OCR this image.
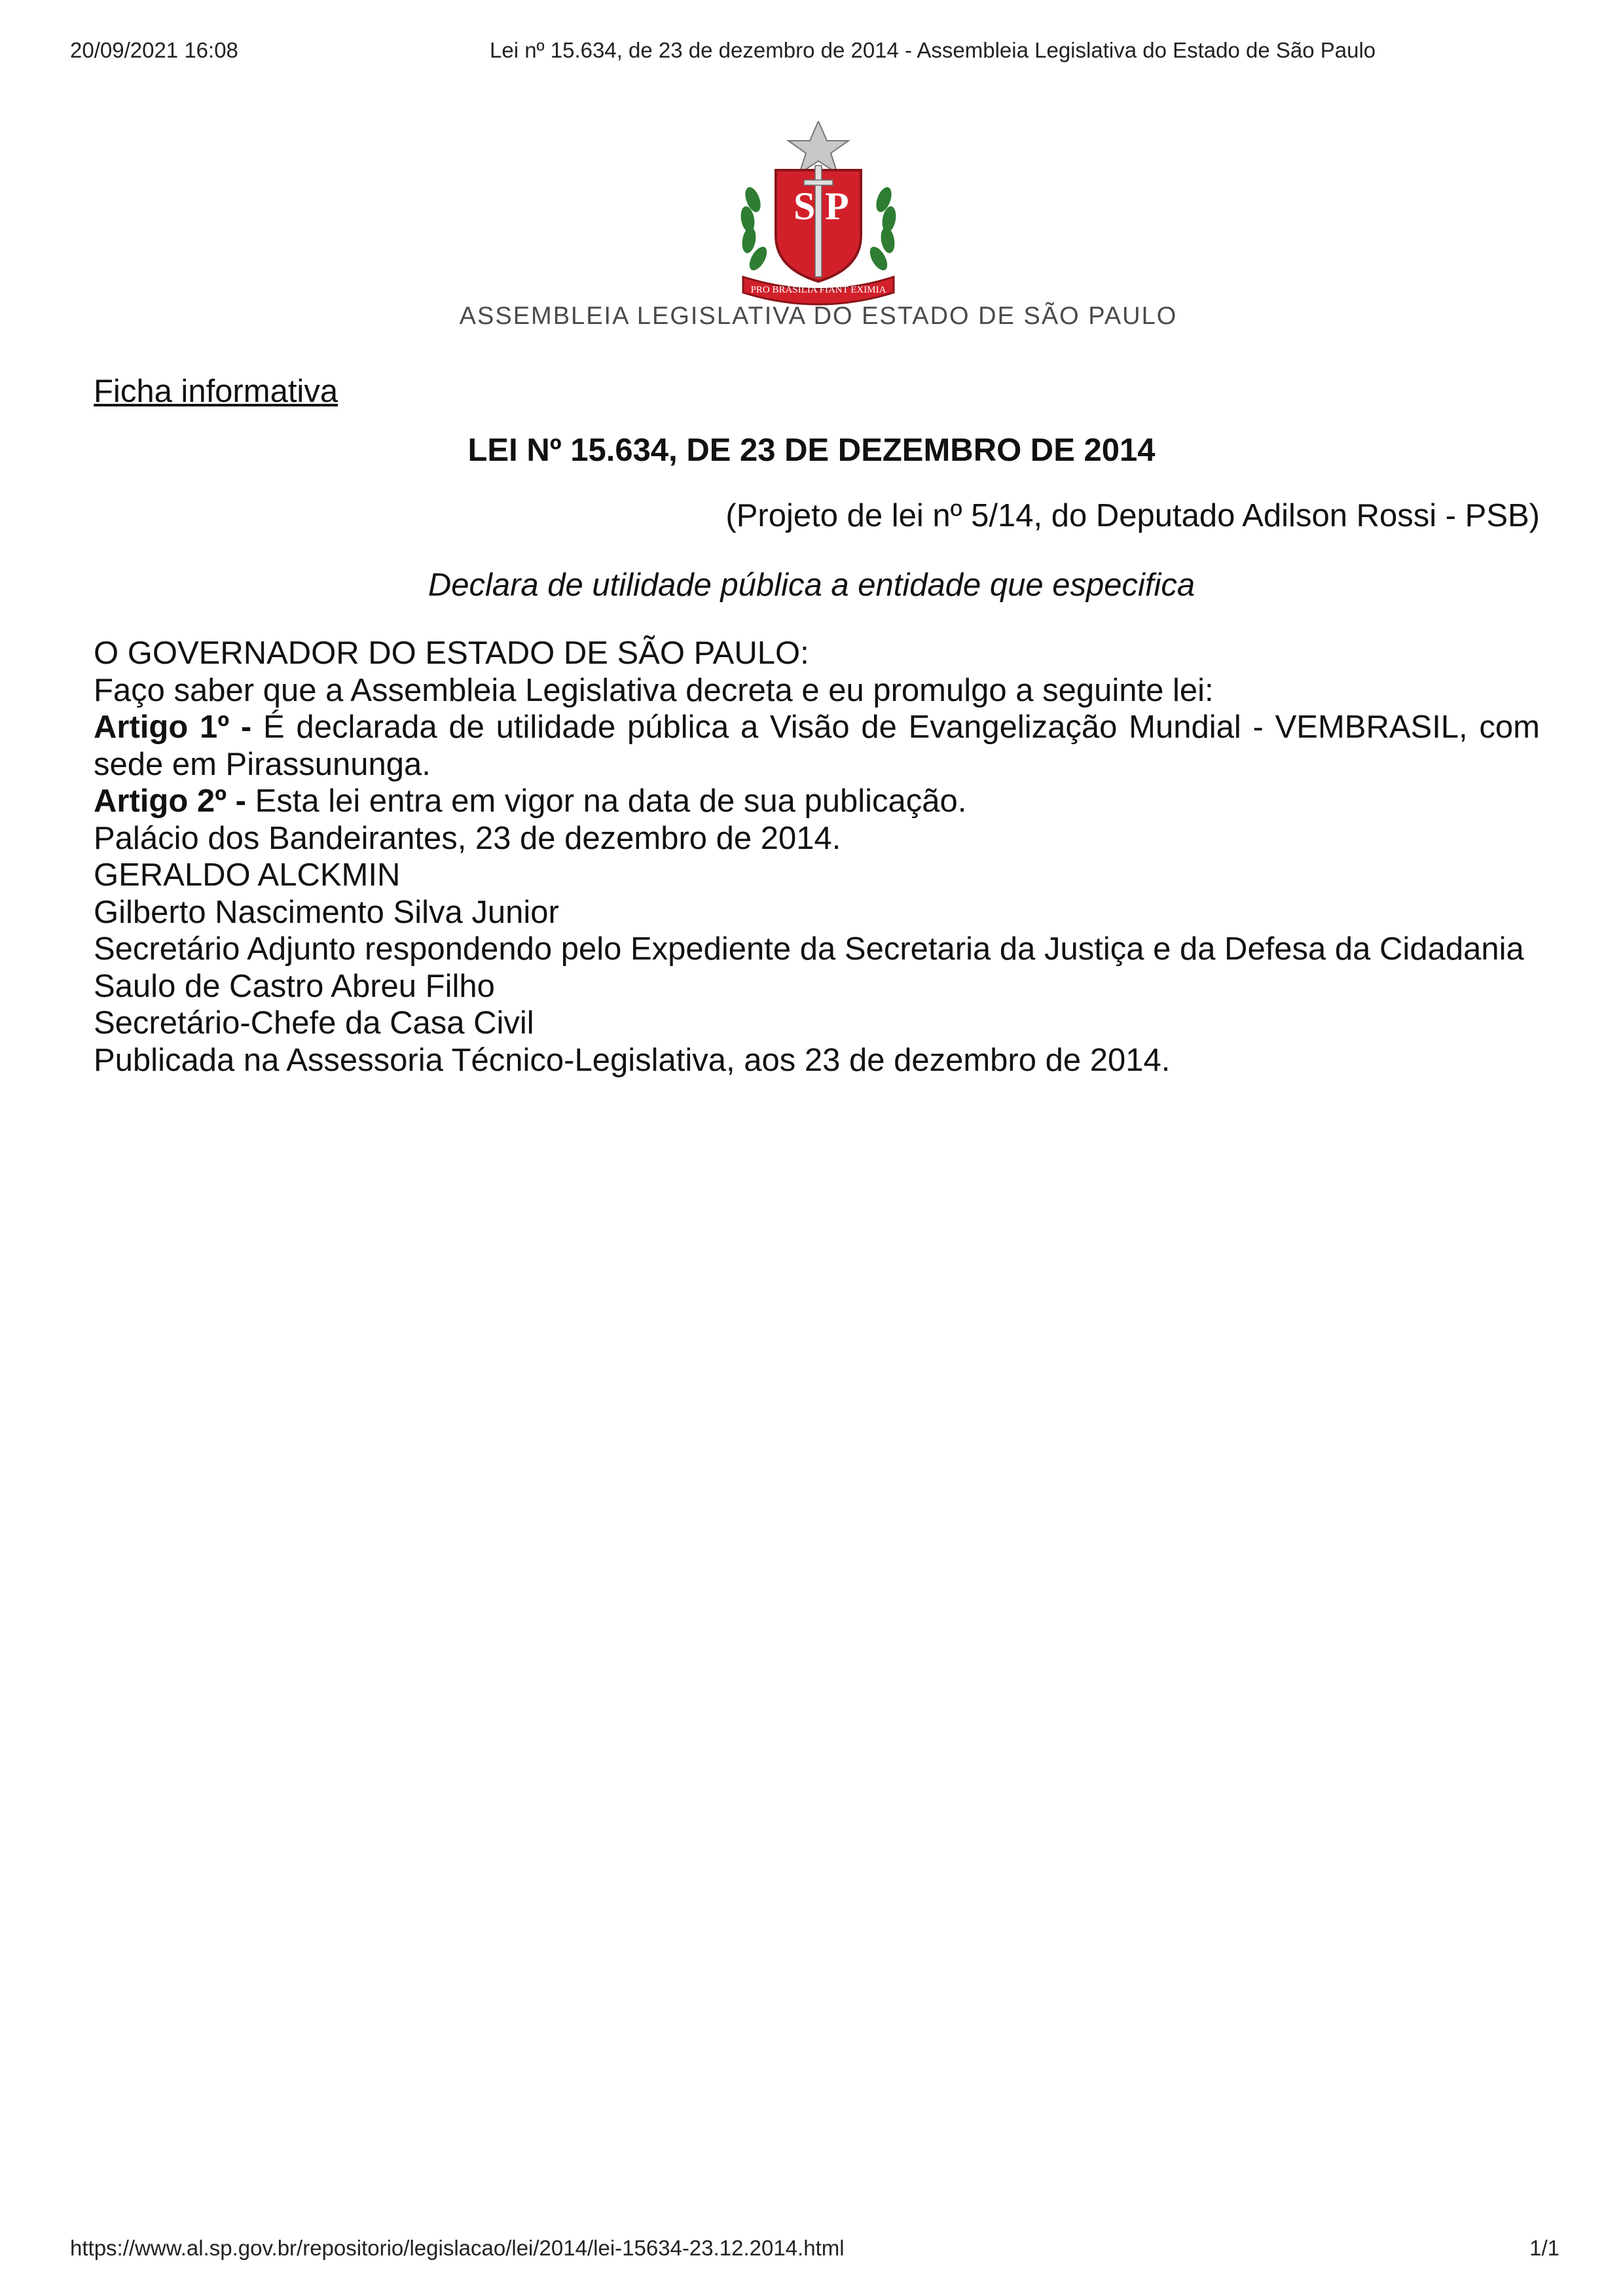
20/09/2021 16:08	Lei nº 15.634, de 23 de dezembro de 2014 - Assembleia Legislativa do Estado de São Paulo
S P
PRO BRASILIA FIANT EXIMIA
ASSEMBLEIA LEGISLATIVA DO ESTADO DE SÃO PAULO
Ficha informativa
LEI Nº 15.634, DE 23 DE DEZEMBRO DE 2014
(Projeto de lei nº 5/14, do Deputado Adilson Rossi - PSB)
Declara de utilidade pública a entidade que especifica
O GOVERNADOR DO ESTADO DE SÃO PAULO:
Faço saber que a Assembleia Legislativa decreta e eu promulgo a seguinte lei:
Artigo 1º - É declarada de utilidade pública a Visão de Evangelização Mundial - VEMBRASIL, com sede em Pirassununga.
Artigo 2º - Esta lei entra em vigor na data de sua publicação.
Palácio dos Bandeirantes, 23 de dezembro de 2014.
GERALDO ALCKMIN
Gilberto Nascimento Silva Junior
Secretário Adjunto respondendo pelo Expediente da Secretaria da Justiça e da Defesa da Cidadania
Saulo de Castro Abreu Filho
Secretário-Chefe da Casa Civil
Publicada na Assessoria Técnico-Legislativa, aos 23 de dezembro de 2014.
https://www.al.sp.gov.br/repositorio/legislacao/lei/2014/lei-15634-23.12.2014.html	1/1
